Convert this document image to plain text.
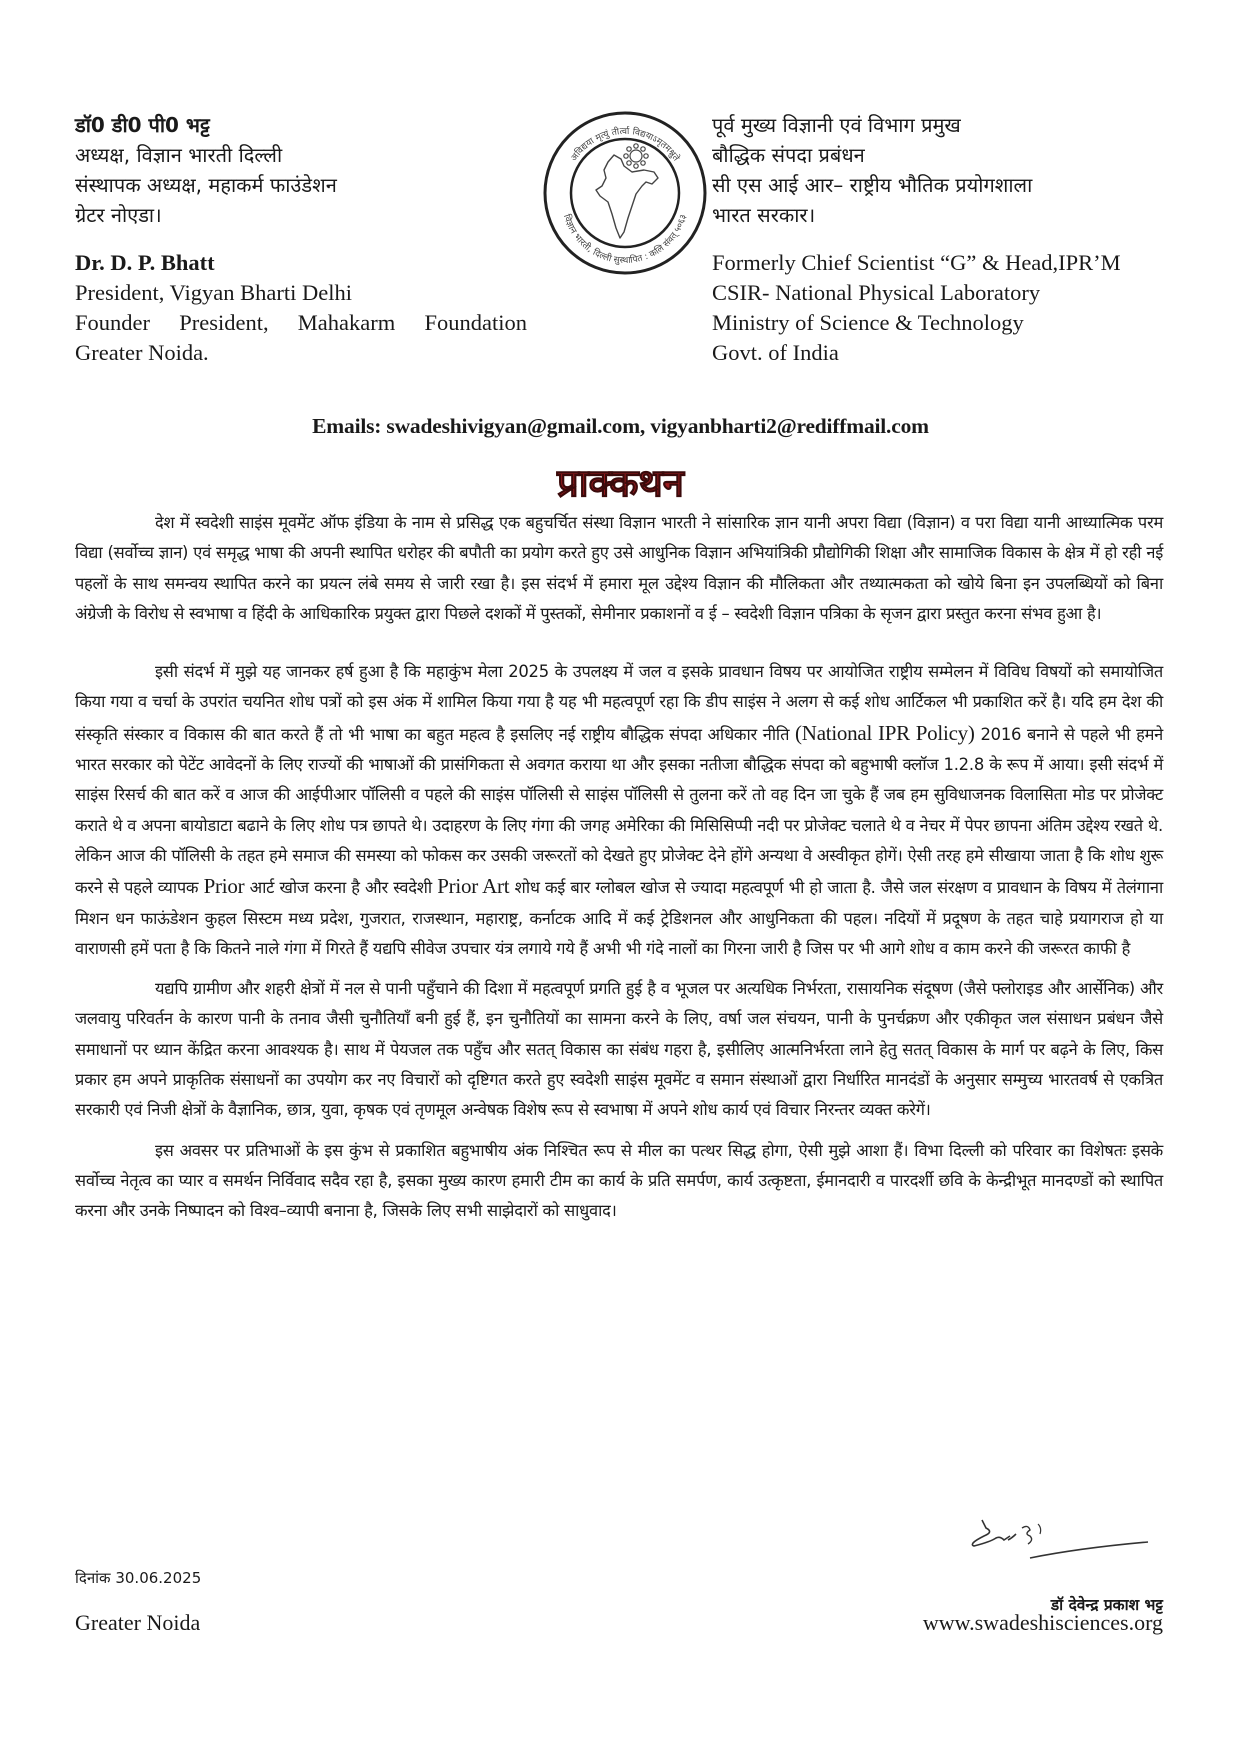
डॉ0 डी0 पी0 भट्ट
अध्यक्ष, विज्ञान भारती दिल्ली
संस्थापक अध्यक्ष, महाकर्म फाउंडेशन
ग्रेटर नोएडा।
Dr. D. P. Bhatt
President, Vigyan Bharti Delhi
Founder President, Mahakarm Foundation
Greater Noida.
अविद्यया मृत्युं तीर्त्वा विद्ययाऽमृतमश्नुते
विज्ञान भारती, दिल्ली सुस्थापित : कलि संवत् ५०६३
पूर्व मुख्य विज्ञानी एवं विभाग प्रमुख
बौद्धिक संपदा प्रबंधन
सी एस आई आर– राष्ट्रीय भौतिक प्रयोगशाला
भारत सरकार।
Formerly Chief Scientist “G” & Head,IPR’M
CSIR- National Physical Laboratory
Ministry of Science & Technology
Govt. of India
Emails: swadeshivigyan@gmail.com, vigyanbharti2@rediffmail.com
प्राक्कथन

देश में स्वदेशी साइंस मूवमेंट ऑफ इंडिया के नाम से प्रसिद्ध एक बहुचर्चित संस्था विज्ञान भारती ने सांसारिक ज्ञान यानी अपरा विद्या (विज्ञान) व परा विद्या यानी आध्यात्मिक परम विद्या (सर्वोच्च ज्ञान) एवं समृद्ध भाषा की अपनी स्थापित धरोहर की बपौती का प्रयोग करते हुए उसे आधुनिक विज्ञान अभियांत्रिकी प्रौद्योगिकी शिक्षा और सामाजिक विकास के क्षेत्र में हो रही नई पहलों के साथ समन्वय स्थापित करने का प्रयत्न लंबे समय से जारी रखा है। इस संदर्भ में हमारा मूल उद्देश्य विज्ञान की मौलिकता और तथ्यात्मकता को खोये बिना इन उपलब्धियों को बिना अंग्रेजी के विरोध से स्वभाषा व हिंदी के आधिकारिक प्रयुक्त द्वारा पिछले दशकों में पुस्तकों, सेमीनार प्रकाशनों व ई – स्वदेशी विज्ञान पत्रिका के सृजन द्वारा प्रस्तुत करना संभव हुआ है।

इसी संदर्भ में मुझे यह जानकर हर्ष हुआ है कि महाकुंभ मेला 2025 के उपलक्ष्य में जल व इसके प्रावधान विषय पर आयोजित राष्ट्रीय सम्मेलन में विविध विषयों को समायोजित किया गया व चर्चा के उपरांत चयनित शोध पत्रों को इस अंक में शामिल किया गया है यह भी महत्वपूर्ण रहा कि डीप साइंस ने अलग से कई शोध आर्टिकल भी प्रकाशित करें है। यदि हम देश की संस्कृति संस्कार व विकास की बात करते हैं तो भी भाषा का बहुत महत्व है इसलिए नई राष्ट्रीय बौद्धिक संपदा अधिकार नीति (National IPR Policy) 2016 बनाने से पहले भी हमने भारत सरकार को पेटेंट आवेदनों के लिए राज्यों की भाषाओं की प्रासंगिकता से अवगत कराया था और इसका नतीजा बौद्धिक संपदा को बहुभाषी क्लॉज 1.2.8 के रूप में आया। इसी संदर्भ में साइंस रिसर्च की बात करें व आज की आईपीआर पॉलिसी व पहले की साइंस पॉलिसी से साइंस पॉलिसी से तुलना करें तो वह दिन जा चुके हैं जब हम सुविधाजनक विलासिता मोड पर प्रोजेक्ट कराते थे व अपना बायोडाटा बढाने के लिए शोध पत्र छापते थे। उदाहरण के लिए गंगा की जगह अमेरिका की मिसिसिप्पी नदी पर प्रोजेक्ट चलाते थे व नेचर में पेपर छापना अंतिम उद्देश्य रखते थे. लेकिन आज की पॉलिसी के तहत हमे समाज की समस्या को फोकस कर उसकी जरूरतों को देखते हुए प्रोजेक्ट देने होंगे अन्यथा वे अस्वीकृत होगें। ऐसी तरह हमे सीखाया जाता है कि शोध शुरू करने से पहले व्यापक Prior आर्ट खोज करना है और स्वदेशी Prior Art शोध कई बार ग्लोबल खोज से ज्यादा महत्वपूर्ण भी हो जाता है. जैसे जल संरक्षण व प्रावधान के विषय में तेलंगाना मिशन धन फाऊंडेशन कुहल सिस्टम मध्य प्रदेश, गुजरात, राजस्थान, महाराष्ट्र, कर्नाटक आदि में कई ट्रेडिशनल और आधुनिकता की पहल। नदियों में प्रदूषण के तहत चाहे प्रयागराज हो या वाराणसी हमें पता है कि कितने नाले गंगा में गिरते हैं यद्यपि सीवेज उपचार यंत्र लगाये गये हैं अभी भी गंदे नालों का गिरना जारी है जिस पर भी आगे शोध व काम करने की जरूरत काफी है

यद्यपि ग्रामीण और शहरी क्षेत्रों में नल से पानी पहुँचाने की दिशा में महत्वपूर्ण प्रगति हुई है व भूजल पर अत्यधिक निर्भरता, रासायनिक संदूषण (जैसे फ्लोराइड और आर्सेनिक) और जलवायु परिवर्तन के कारण पानी के तनाव जैसी चुनौतियाँ बनी हुई हैं, इन चुनौतियों का सामना करने के लिए, वर्षा जल संचयन, पानी के पुनर्चक्रण और एकीकृत जल संसाधन प्रबंधन जैसे समाधानों पर ध्यान केंद्रित करना आवश्यक है। साथ में पेयजल तक पहुँच और सतत् विकास का संबंध गहरा है, इसीलिए आत्मनिर्भरता लाने हेतु सतत् विकास के मार्ग पर बढ़ने के लिए, किस प्रकार हम अपने प्राकृतिक संसाधनों का उपयोग कर नए विचारों को दृष्टिगत करते हुए स्वदेशी साइंस मूवमेंट व समान संस्थाओं द्वारा निर्धारित मानदंडों के अनुसार सम्मुच्य भारतवर्ष से एकत्रित सरकारी एवं निजी क्षेत्रों के वैज्ञानिक, छात्र, युवा, कृषक एवं तृणमूल अन्वेषक विशेष रूप से स्वभाषा में अपने शोध कार्य एवं विचार निरन्तर व्यक्त करेगें।

इस अवसर पर प्रतिभाओं के इस कुंभ से प्रकाशित बहुभाषीय अंक निश्चित रूप से मील का पत्थर सिद्ध होगा, ऐसी मुझे आशा हैं। विभा दिल्ली को परिवार का विशेषतः इसके सर्वोच्च नेतृत्व का प्यार व समर्थन निर्विवाद सदैव रहा है, इसका मुख्य कारण हमारी टीम का कार्य के प्रति समर्पण, कार्य उत्कृष्टता, ईमानदारी व पारदर्शी छवि के केन्द्रीभूत मानदण्डों को स्थापित करना और उनके निष्पादन को विश्व–व्यापी बनाना है, जिसके लिए सभी साझेदारों को साधुवाद।

दिनांक 30.06.2025
Greater Noida
डॉ देवेन्द्र प्रकाश भट्ट
www.swadeshisciences.org
